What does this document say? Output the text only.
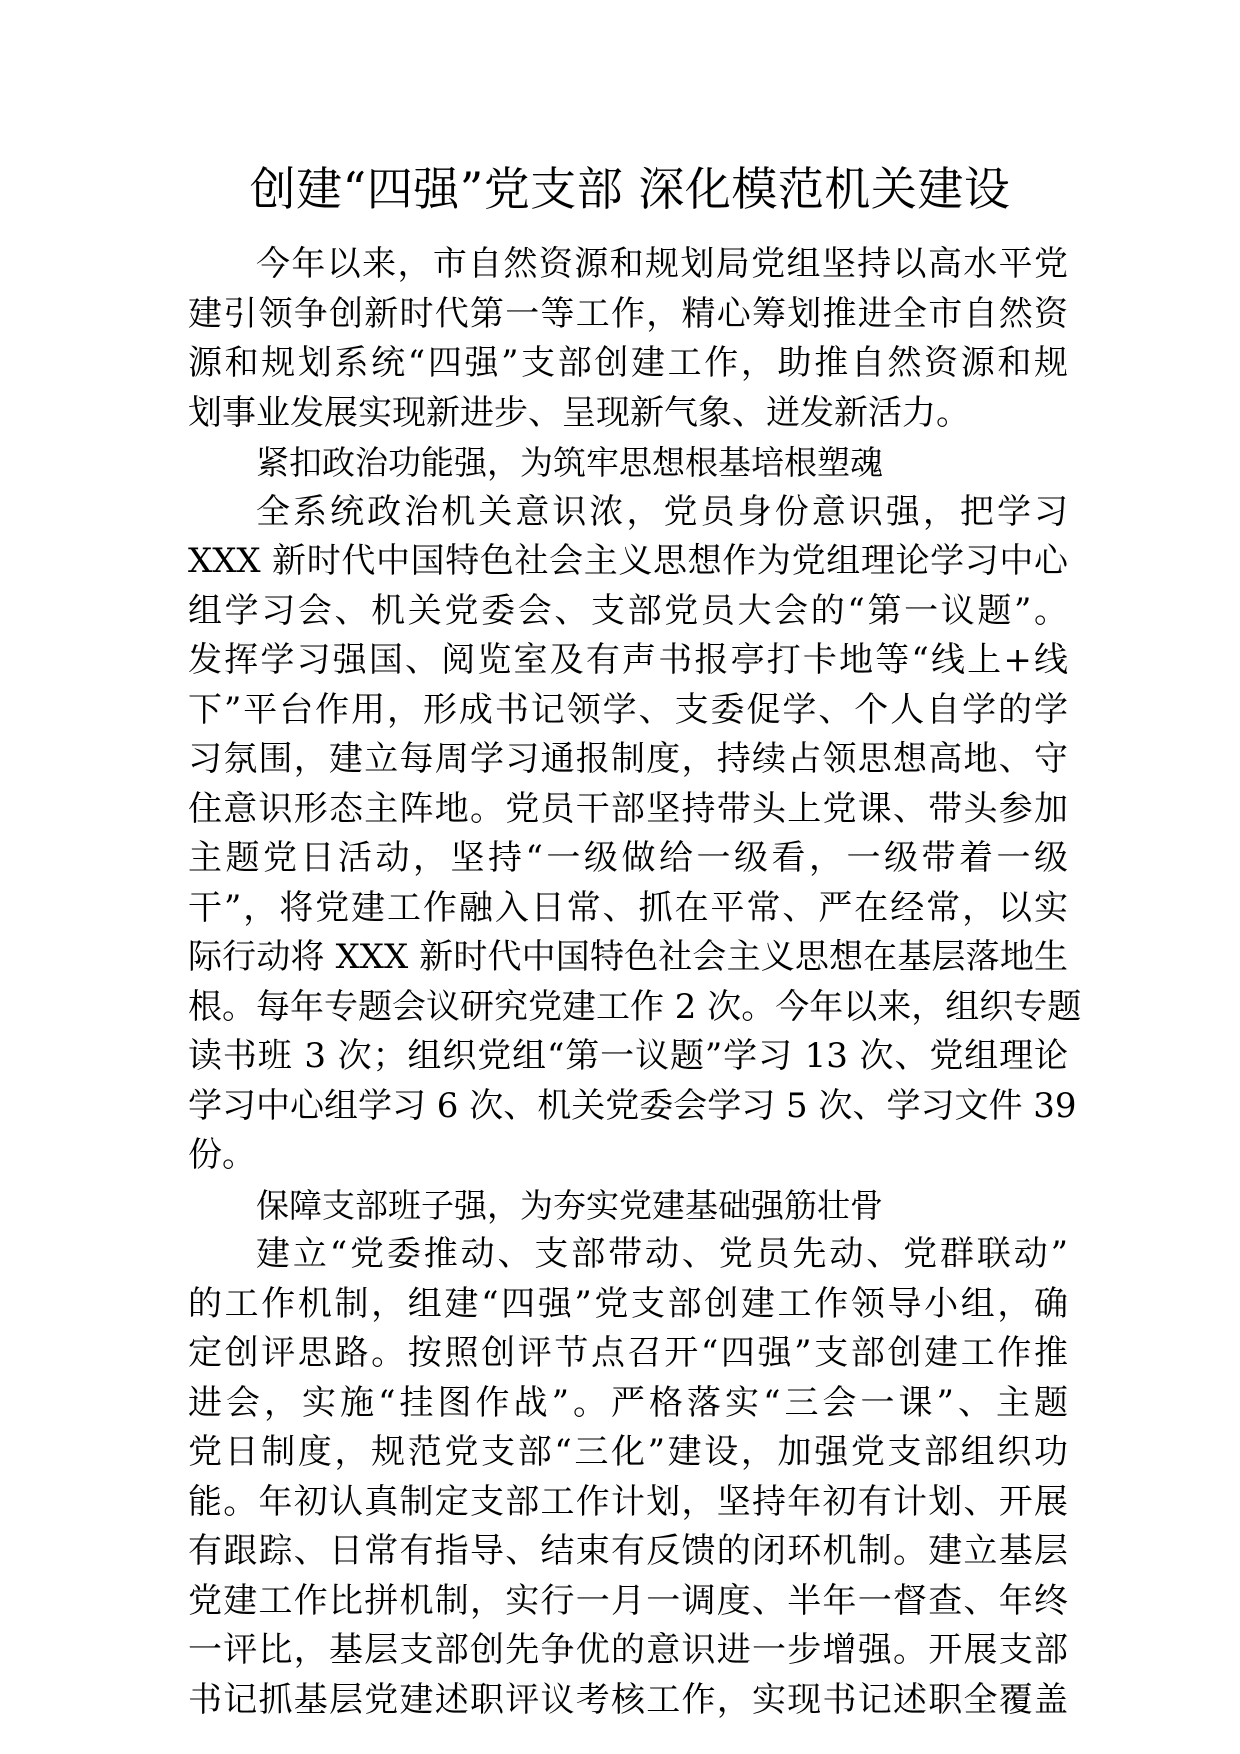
创建“四强”党支部 深化模范机关建设

今年以来，市自然资源和规划局党组坚持以高水平党

建引领争创新时代第一等工作，精心筹划推进全市自然资

源和规划系统“四强”支部创建工作，助推自然资源和规

划事业发展实现新进步、呈现新气象、迸发新活力。

紧扣政治功能强，为筑牢思想根基培根塑魂

全系统政治机关意识浓，党员身份意识强，把学习

XXX 新时代中国特色社会主义思想作为党组理论学习中心

组学习会、机关党委会、支部党员大会的“第一议题”。

发挥学习强国、阅览室及有声书报亭打卡地等“线上+线

下”平台作用，形成书记领学、支委促学、个人自学的学

习氛围，建立每周学习通报制度，持续占领思想高地、守

住意识形态主阵地。党员干部坚持带头上党课、带头参加

主题党日活动，坚持“一级做给一级看，一级带着一级

干”，将党建工作融入日常、抓在平常、严在经常，以实

际行动将 XXX 新时代中国特色社会主义思想在基层落地生

根。每年专题会议研究党建工作 2 次。今年以来，组织专题

读书班 3 次；组织党组“第一议题”学习 13 次、党组理论

学习中心组学习 6 次、机关党委会学习 5 次、学习文件 39

份。

保障支部班子强，为夯实党建基础强筋壮骨

建立“党委推动、支部带动、党员先动、党群联动”

的工作机制，组建“四强”党支部创建工作领导小组，确

定创评思路。按照创评节点召开“四强”支部创建工作推

进会，实施“挂图作战”。严格落实“三会一课”、主题

党日制度，规范党支部“三化”建设，加强党支部组织功

能。年初认真制定支部工作计划，坚持年初有计划、开展

有跟踪、日常有指导、结束有反馈的闭环机制。建立基层

党建工作比拼机制，实行一月一调度、半年一督查、年终

一评比，基层支部创先争优的意识进一步增强。开展支部

书记抓基层党建述职评议考核工作，实现书记述职全覆盖
